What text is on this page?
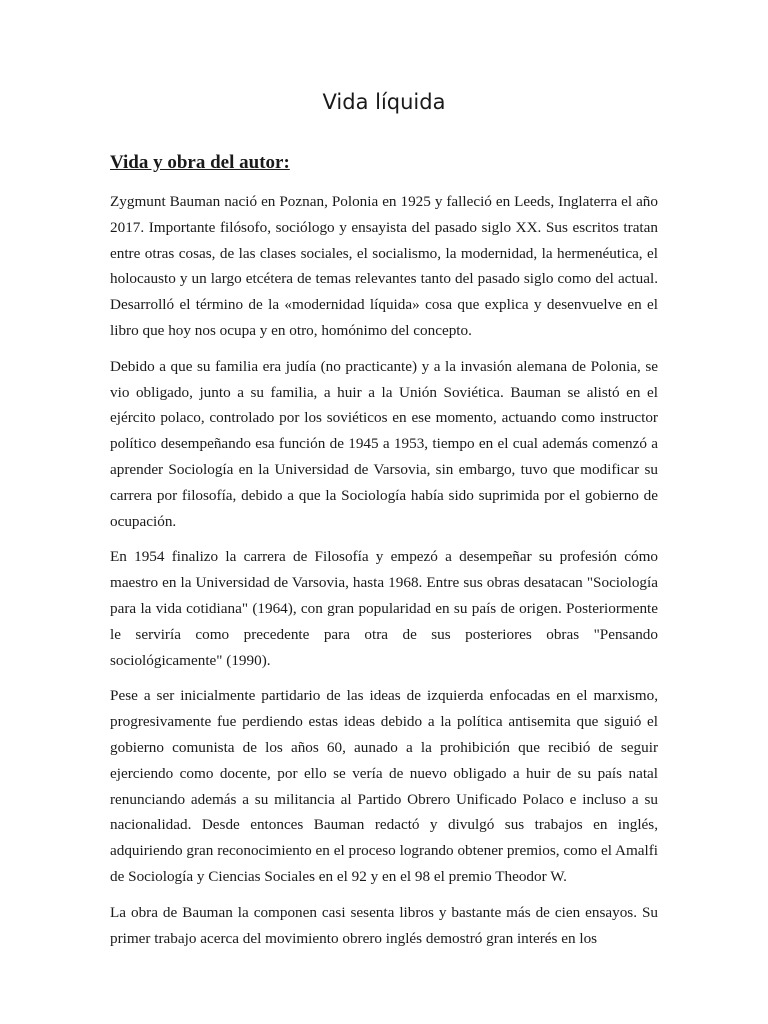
Vida líquida
Vida y obra del autor:

Zygmunt Bauman nació en Poznan, Polonia en 1925 y falleció en Leeds, Inglaterra el año 2017. Importante filósofo, sociólogo y ensayista del pasado siglo XX. Sus escritos tratan entre otras cosas, de las clases sociales, el socialismo, la modernidad, la hermenéutica, el holocausto y un largo etcétera de temas relevantes tanto del pasado siglo como del actual. Desarrolló el término de la «modernidad líquida» cosa que explica y desenvuelve en el libro que hoy nos ocupa y en otro, homónimo del concepto.

Debido a que su familia era judía (no practicante) y a la invasión alemana de Polonia, se vio obligado, junto a su familia, a huir a la Unión Soviética. Bauman se alistó en el ejército polaco, controlado por los soviéticos en ese momento, actuando como instructor político desempeñando esa función de 1945 a 1953, tiempo en el cual además comenzó a aprender Sociología en la Universidad de Varsovia, sin embargo, tuvo que modificar su carrera por filosofía, debido a que la Sociología había sido suprimida por el gobierno de ocupación.

En 1954 finalizo la carrera de Filosofía y empezó a desempeñar su profesión cómo maestro en la Universidad de Varsovia, hasta 1968. Entre sus obras desatacan "Sociología para la vida cotidiana" (1964), con gran popularidad en su país de origen. Posteriormente le serviría como precedente para otra de sus posteriores obras "Pensando sociológicamente" (1990).

Pese a ser inicialmente partidario de las ideas de izquierda enfocadas en el marxismo, progresivamente fue perdiendo estas ideas debido a la política antisemita que siguió el gobierno comunista de los años 60, aunado a la prohibición que recibió de seguir ejerciendo como docente, por ello se vería de nuevo obligado a huir de su país natal renunciando además a su militancia al Partido Obrero Unificado Polaco e incluso a su nacionalidad. Desde entonces Bauman redactó y divulgó sus trabajos en inglés, adquiriendo gran reconocimiento en el proceso logrando obtener premios, como el Amalfi de Sociología y Ciencias Sociales en el 92 y en el 98 el premio Theodor W.

La obra de Bauman la componen casi sesenta libros y bastante más de cien ensayos. Su primer trabajo acerca del movimiento obrero inglés demostró gran interés en los
